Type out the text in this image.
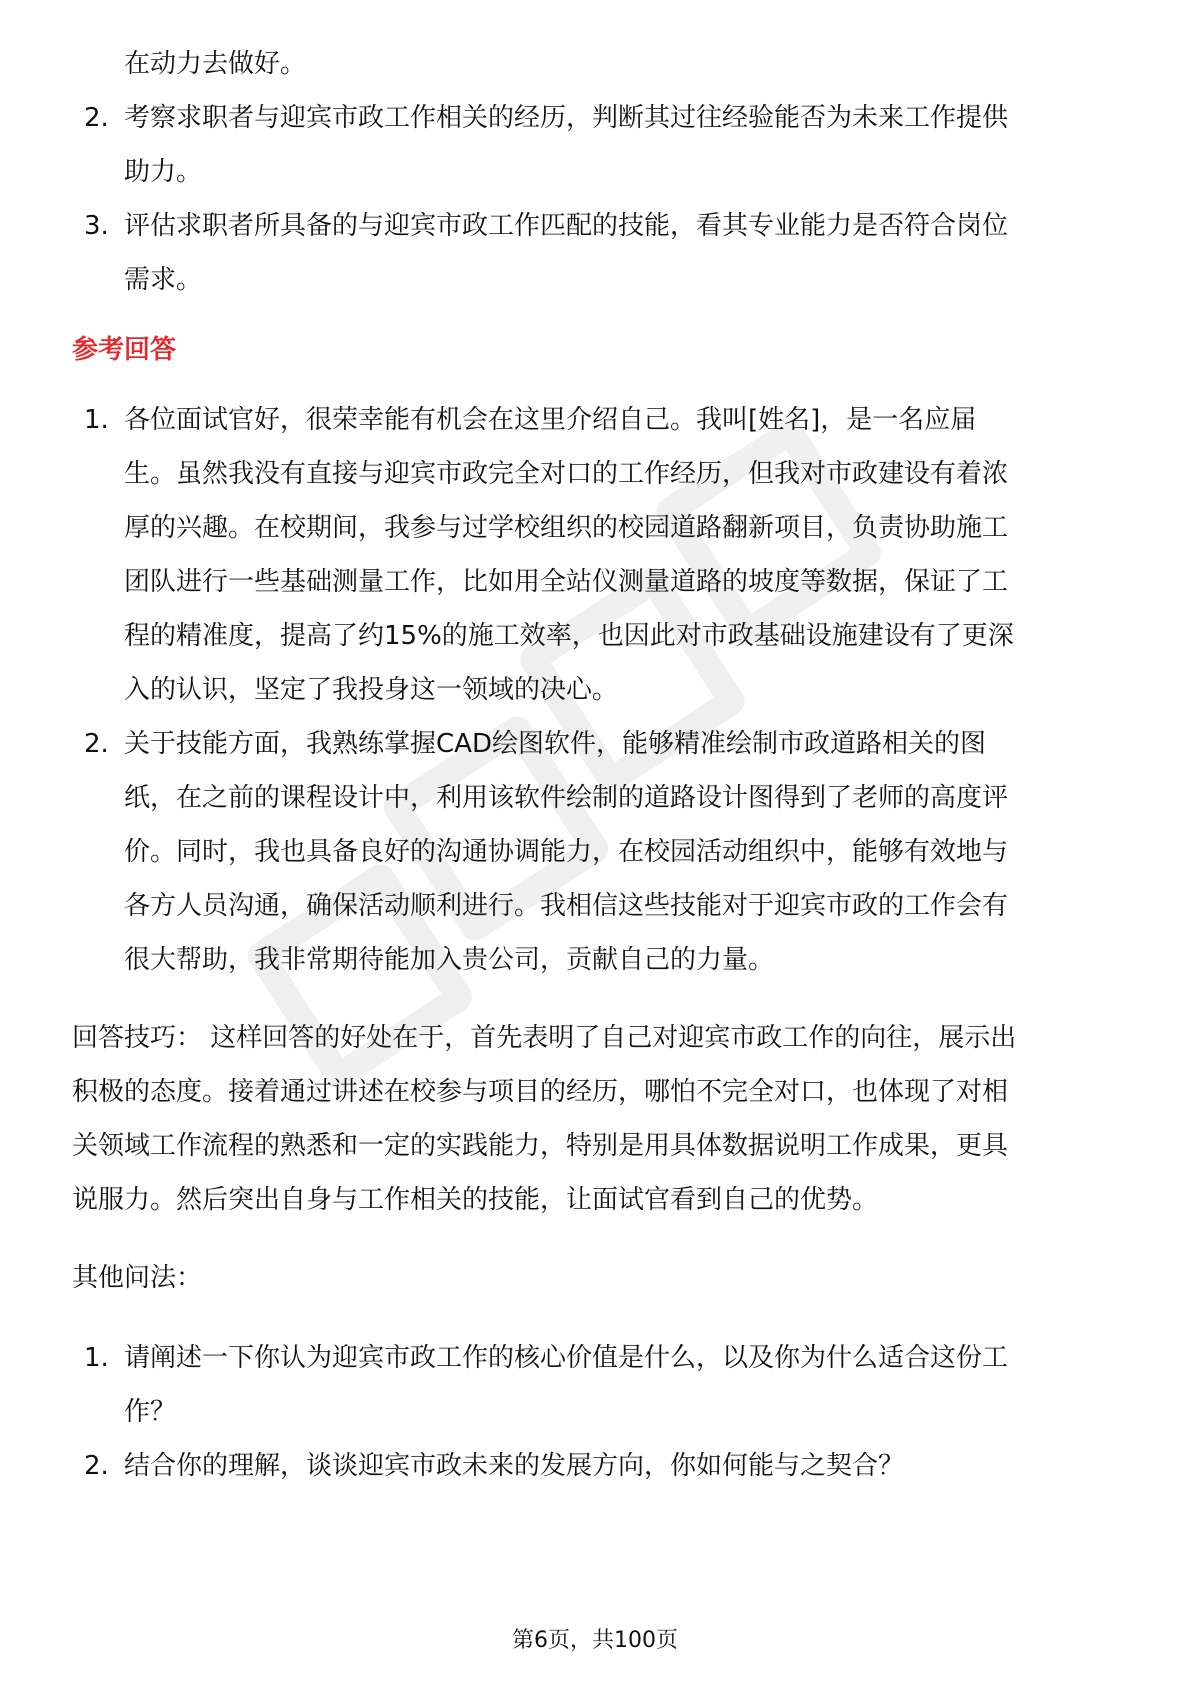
在动力去做好。
2. 考察求职者与迎宾市政工作相关的经历，判断其过往经验能否为未来工作提供
助力。
3. 评估求职者所具备的与迎宾市政工作匹配的技能，看其专业能力是否符合岗位
需求。
参考回答
1. 各位面试官好，很荣幸能有机会在这里介绍自己。我叫[姓名]，是一名应届
生。虽然我没有直接与迎宾市政完全对口的工作经历，但我对市政建设有着浓
厚的兴趣。在校期间，我参与过学校组织的校园道路翻新项目，负责协助施工
团队进行一些基础测量工作，比如用全站仪测量道路的坡度等数据，保证了工
程的精准度，提高了约15%的施工效率，也因此对市政基础设施建设有了更深
入的认识，坚定了我投身这一领域的决心。
2. 关于技能方面，我熟练掌握CAD绘图软件，能够精准绘制市政道路相关的图
纸，在之前的课程设计中，利用该软件绘制的道路设计图得到了老师的高度评
价。同时，我也具备良好的沟通协调能力，在校园活动组织中，能够有效地与
各方人员沟通，确保活动顺利进行。我相信这些技能对于迎宾市政的工作会有
很大帮助，我非常期待能加入贵公司，贡献自己的力量。
回答技巧： 这样回答的好处在于，首先表明了自己对迎宾市政工作的向往，展示出
积极的态度。接着通过讲述在校参与项目的经历，哪怕不完全对口，也体现了对相
关领域工作流程的熟悉和一定的实践能力，特别是用具体数据说明工作成果，更具
说服力。然后突出自身与工作相关的技能，让面试官看到自己的优势。
其他问法：
1. 请阐述一下你认为迎宾市政工作的核心价值是什么，以及你为什么适合这份工
作？
2. 结合你的理解，谈谈迎宾市政未来的发展方向，你如何能与之契合？
第6页，共100页
